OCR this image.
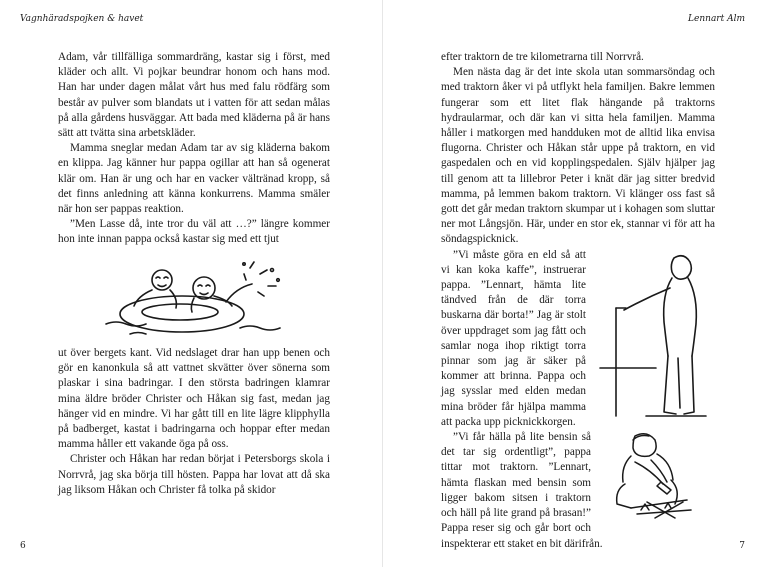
Vagnhäradspojken & havet

Adam, vår tillfälliga sommardräng, kastar sig i först, med kläder och allt. Vi pojkar beundrar honom och hans mod. Han har under dagen målat vårt hus med falu rödfärg som består av pulver som blandats ut i vatten för att sedan målas på alla gårdens husväggar. Att bada med kläderna på är hans sätt att tvätta sina arbetskläder.

Mamma sneglar medan Adam tar av sig kläderna bakom en klippa. Jag känner hur pappa ogillar att han så ogenerat klär om. Han är ung och har en vacker vältränad kropp, så det finns anledning att känna konkurrens. Mamma smäler när hon ser pappas reaktion.

”Men Lasse då, inte tror du väl att …?” längre kommer hon inte innan pappa också kastar sig med ett tjut

ut över bergets kant. Vid nedslaget drar han upp benen och gör en kanonkula så att vattnet skvätter över sönerna som plaskar i sina badringar. I den största badringen klamrar mina äldre bröder Christer och Håkan sig fast, medan jag hänger vid en mindre. Vi har gått till en lite lägre klipphylla på badberget, kastat i badringarna och hoppar efter medan mamma håller ett vakande öga på oss.

Christer och Håkan har redan börjat i Petersborgs skola i Norrvrå, jag ska börja till hösten. Pappa har lovat att då ska jag liksom Håkan och Christer få tolka på skidor

6
Lennart Alm

efter traktorn de tre kilometrarna till Norrvrå.

Men nästa dag är det inte skola utan sommarsöndag och med traktorn åker vi på utflykt hela familjen. Bakre lemmen fungerar som ett litet flak hängande på traktorns hydraularmar, och där kan vi sitta hela familjen. Mamma håller i matkorgen med handduken mot de alltid lika envisa flugorna. Christer och Håkan står uppe på traktorn, en vid gaspedalen och en vid kopplingspedalen. Själv hjälper jag till genom att ta lillebror Peter i knät där jag sitter bredvid mamma, på lemmen bakom traktorn. Vi klänger oss fast så gott det går medan traktorn skumpar ut i kohagen som sluttar ner mot Långsjön. Här, under en stor ek, stannar vi för att ha söndagspicknick.

”Vi måste göra en eld så att vi kan koka kaffe”, instruerar pappa. ”Lennart, hämta lite tändved från de där torra buskarna där borta!” Jag är stolt över uppdraget som jag fått och samlar noga ihop riktigt torra pinnar som jag är säker på kommer att brinna. Pappa och jag sysslar med elden medan mina bröder får hjälpa mamma att packa upp picknickkorgen.

”Vi får hälla på lite bensin så det tar sig ordentligt”, pappa tittar mot traktorn. ”Lennart, hämta flaskan med bensin som ligger bakom sitsen i traktorn och häll på lite grand på brasan!” Pappa reser sig och går bort och inspekterar ett staket en bit därifrån.	7
